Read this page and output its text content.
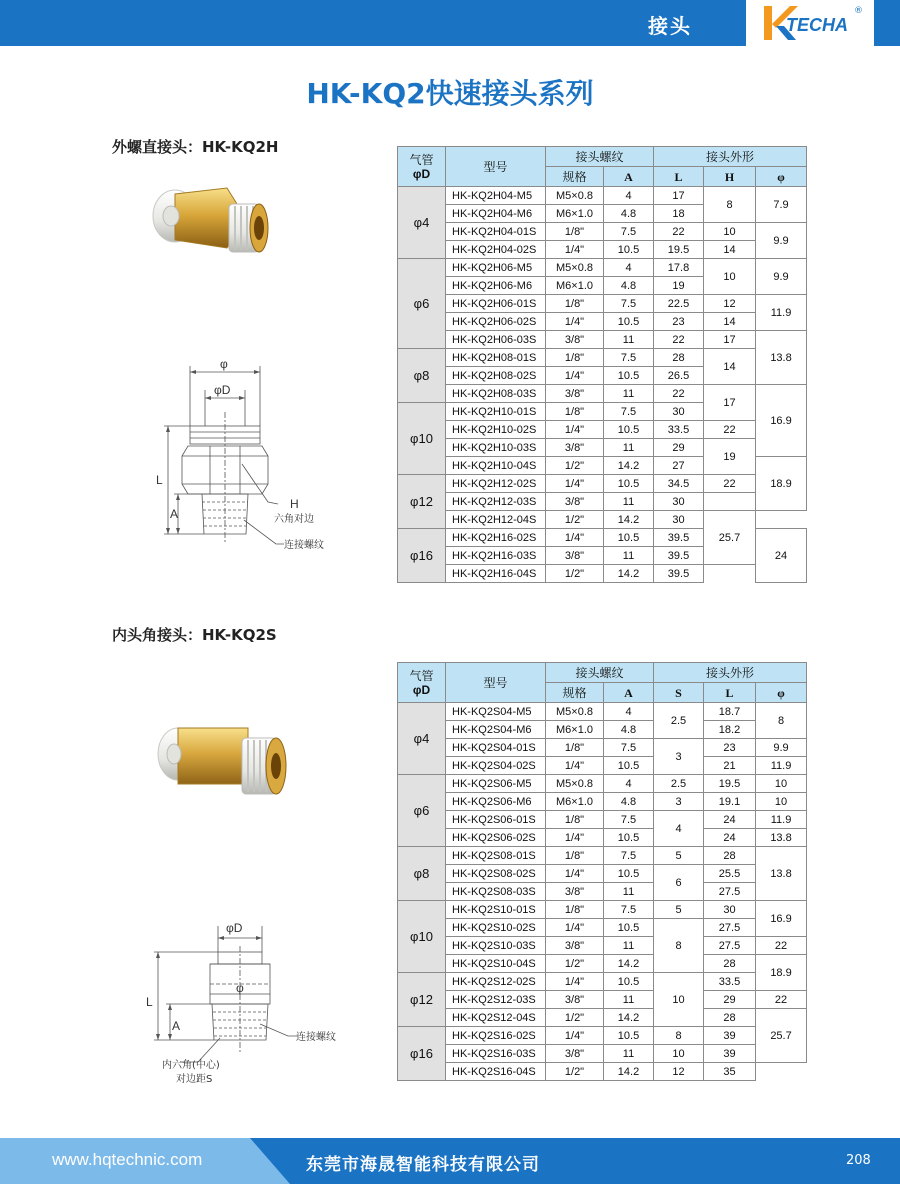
接头	TECHA
®
HK-KQ2快速接头系列
外螺直接头：HK-KQ2H
φ
φD
L
A
H
六角对边
连接螺纹
气管
φD	型号	接头螺纹		接头外形		
		规格	A	L	H	φ
φ4	HK-KQ2H04-M5	M5×0.8	4	17	8	7.9
	HK-KQ2H04-M6	M6×1.0	4.8	18		
	HK-KQ2H04-01S	1/8"	7.5	22	10	9.9
	HK-KQ2H04-02S	1/4"	10.5	19.5	14	
φ6	HK-KQ2H06-M5	M5×0.8	4	17.8	10	9.9
	HK-KQ2H06-M6	M6×1.0	4.8	19		
	HK-KQ2H06-01S	1/8"	7.5	22.5	12	11.9
	HK-KQ2H06-02S	1/4"	10.5	23	14	
	HK-KQ2H06-03S	3/8"	11	22	17	13.8
φ8	HK-KQ2H08-01S	1/8"	7.5	28	14	
	HK-KQ2H08-02S	1/4"	10.5	26.5		
	HK-KQ2H08-03S	3/8"	11	22	17	16.9
φ10	HK-KQ2H10-01S	1/8"	7.5	30		
	HK-KQ2H10-02S	1/4"	10.5	33.5	22	
	HK-KQ2H10-03S	3/8"	11	29	19	
	HK-KQ2H10-04S	1/2"	14.2	27		18.9
φ12	HK-KQ2H12-02S	1/4"	10.5	34.5	22	
	HK-KQ2H12-03S	3/8"	11	30		
	HK-KQ2H12-04S	1/2"	14.2	30	25.7	
φ16	HK-KQ2H16-02S	1/4"	10.5	39.5		24
	HK-KQ2H16-03S	3/8"	11	39.5		
	HK-KQ2H16-04S	1/2"	14.2	39.5		
内头角接头：HK-KQ2S
φD
φ
L
A
连接螺纹
内六角(中心)
对边距S
气管
φD	型号	接头螺纹		接头外形		
		规格	A	S	L	φ
φ4	HK-KQ2S04-M5	M5×0.8	4	2.5	18.7	8
	HK-KQ2S04-M6	M6×1.0	4.8		18.2	
	HK-KQ2S04-01S	1/8"	7.5	3	23	9.9
	HK-KQ2S04-02S	1/4"	10.5		21	11.9
φ6	HK-KQ2S06-M5	M5×0.8	4	2.5	19.5	10
	HK-KQ2S06-M6	M6×1.0	4.8	3	19.1	10
	HK-KQ2S06-01S	1/8"	7.5	4	24	11.9
	HK-KQ2S06-02S	1/4"	10.5		24	13.8
φ8	HK-KQ2S08-01S	1/8"	7.5	5	28	13.8
	HK-KQ2S08-02S	1/4"	10.5	6	25.5	
	HK-KQ2S08-03S	3/8"	11		27.5	
φ10	HK-KQ2S10-01S	1/8"	7.5	5	30	16.9
	HK-KQ2S10-02S	1/4"	10.5	8	27.5	
	HK-KQ2S10-03S	3/8"	11		27.5	22
	HK-KQ2S10-04S	1/2"	14.2		28	18.9
φ12	HK-KQ2S12-02S	1/4"	10.5	10	33.5	
	HK-KQ2S12-03S	3/8"	11		29	22
	HK-KQ2S12-04S	1/2"	14.2		28	25.7
φ16	HK-KQ2S16-02S	1/4"	10.5	8	39	
	HK-KQ2S16-03S	3/8"	11	10	39	
	HK-KQ2S16-04S	1/2"	14.2	12	35	
www.hqtechnic.com	东莞市海晟智能科技有限公司	208
